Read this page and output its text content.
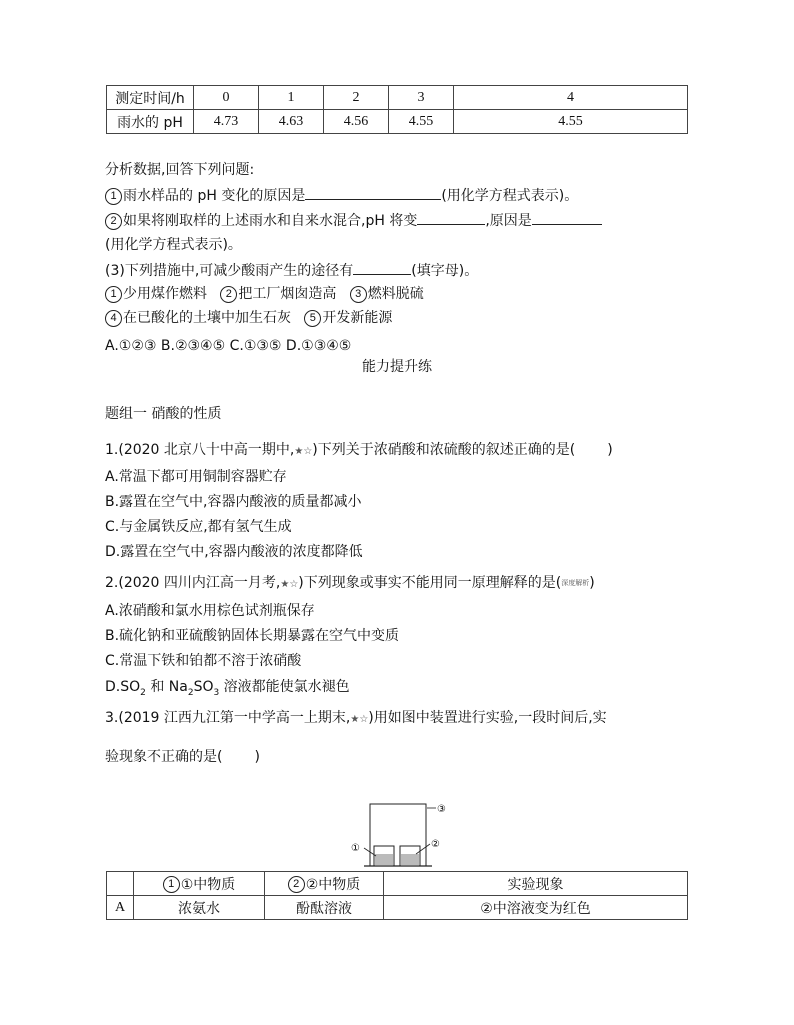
测定时间/h	0	1	2	3	4
雨水的 pH	4.73	4.63	4.56	4.55	4.55
分析数据,回答下列问题:
1 雨水样品的 pH 变化的原因是	(用化学方程式表示)。
2 如果将刚取样的上述雨水和自来水混合,pH 将变	,原因是
(用化学方程式表示)。
(3)下列措施中,可减少酸雨产生的途径有	(填字母)。
1 少用煤作燃料 2 把工厂烟囱造高 3 燃料脱硫
4 在已酸化的土壤中加生石灰 5 开发新能源
A.①②③ B.②③④⑤ C.①③⑤ D.①③④⑤
能力提升练
题组一 硝酸的性质
1.(2020 北京八十中高一期中,★☆)下列关于浓硝酸和浓硫酸的叙述正确的是( )
A.常温下都可用铜制容器贮存
B.露置在空气中,容器内酸液的质量都减小
C.与金属铁反应,都有氢气生成
D.露置在空气中,容器内酸液的浓度都降低
2.(2020 四川内江高一月考,★☆)下列现象或事实不能用同一原理解释的是(深度解析)
A.浓硝酸和氯水用棕色试剂瓶保存
B.硫化钠和亚硫酸钠固体长期暴露在空气中变质
C.常温下铁和铂都不溶于浓硝酸
$D.SO_2$ 和 $Na_2SO_3$ 溶液都能使氯水褪色
3.(2019 江西九江第一中学高一上期末,★☆)用如图中装置进行实验,一段时间后,实
验现象不正确的是( )
③
①	②
	1 ①中物质	2 ②中物质	实验现象
A	浓氨水	酚酞溶液	②中溶液变为红色
